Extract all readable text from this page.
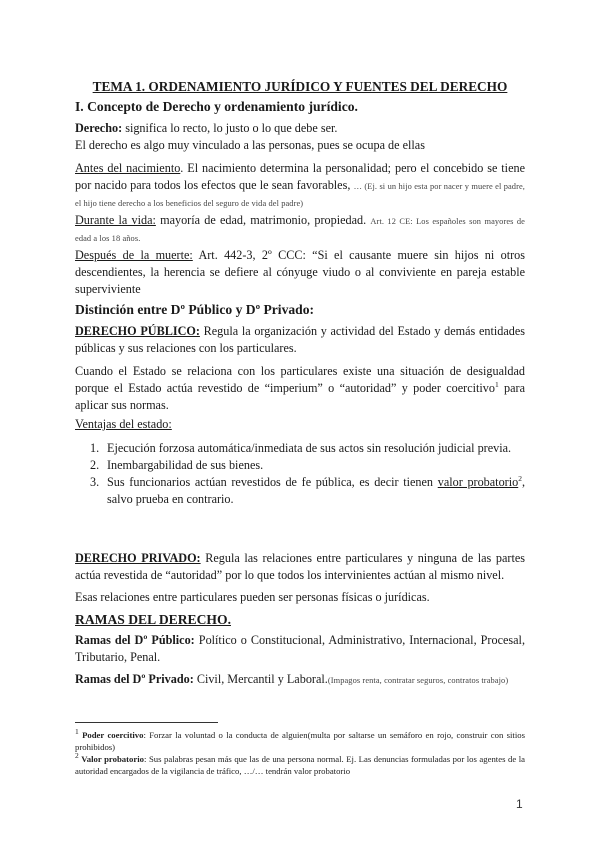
TEMA 1. ORDENAMIENTO JURÍDICO Y FUENTES DEL DERECHO
I. Concepto de Derecho y ordenamiento jurídico.
Derecho: significa lo recto, lo justo o lo que debe ser.
El derecho es algo muy vinculado a las personas, pues se ocupa de ellas
Antes del nacimiento. El nacimiento determina la personalidad; pero el concebido se tiene por nacido para todos los efectos que le sean favorables, … (Ej. si un hijo esta por nacer y muere el padre, el hijo tiene derecho a los beneficios del seguro de vida del padre)
Durante la vida: mayoría de edad, matrimonio, propiedad. Art. 12 CE: Los españoles son mayores de edad a los 18 años.
Después de la muerte: Art. 442-3, 2º CCC: “Si el causante muere sin hijos ni otros descendientes, la herencia se defiere al cónyuge viudo o al conviviente en pareja estable superviviente
Distinción entre Dº Público y Dº Privado:
DERECHO PÚBLICO: Regula la organización y actividad del Estado y demás entidades públicas y sus relaciones con los particulares.
Cuando el Estado se relaciona con los particulares existe una situación de desigualdad porque el Estado actúa revestido de “imperium” o “autoridad” y poder coercitivo$^1$ para aplicar sus normas.
Ventajas del estado:
1. Ejecución forzosa automática/inmediata de sus actos sin resolución judicial previa.
2. Inembargabilidad de sus bienes.
3. Sus funcionarios actúan revestidos de fe pública, es decir tienen valor probatorio$^2$, salvo prueba en contrario.
DERECHO PRIVADO: Regula las relaciones entre particulares y ninguna de las partes actúa revestida de “autoridad” por lo que todos los intervinientes actúan al mismo nivel.
Esas relaciones entre particulares pueden ser personas físicas o jurídicas.
RAMAS DEL DERECHO.
Ramas del Dº Público: Político o Constitucional, Administrativo, Internacional, Procesal, Tributario, Penal.
Ramas del Dº Privado: Civil, Mercantil y Laboral.(Impagos renta, contratar seguros, contratos trabajo)
1 Poder coercitivo: Forzar la voluntad o la conducta de alguien(multa por saltarse un semáforo en rojo, construir con sitios prohibidos)
2 Valor probatorio: Sus palabras pesan más que las de una persona normal. Ej. Las denuncias formuladas por los agentes de la autoridad encargados de la vigilancia de tráfico, …/… tendrán valor probatorio
1
